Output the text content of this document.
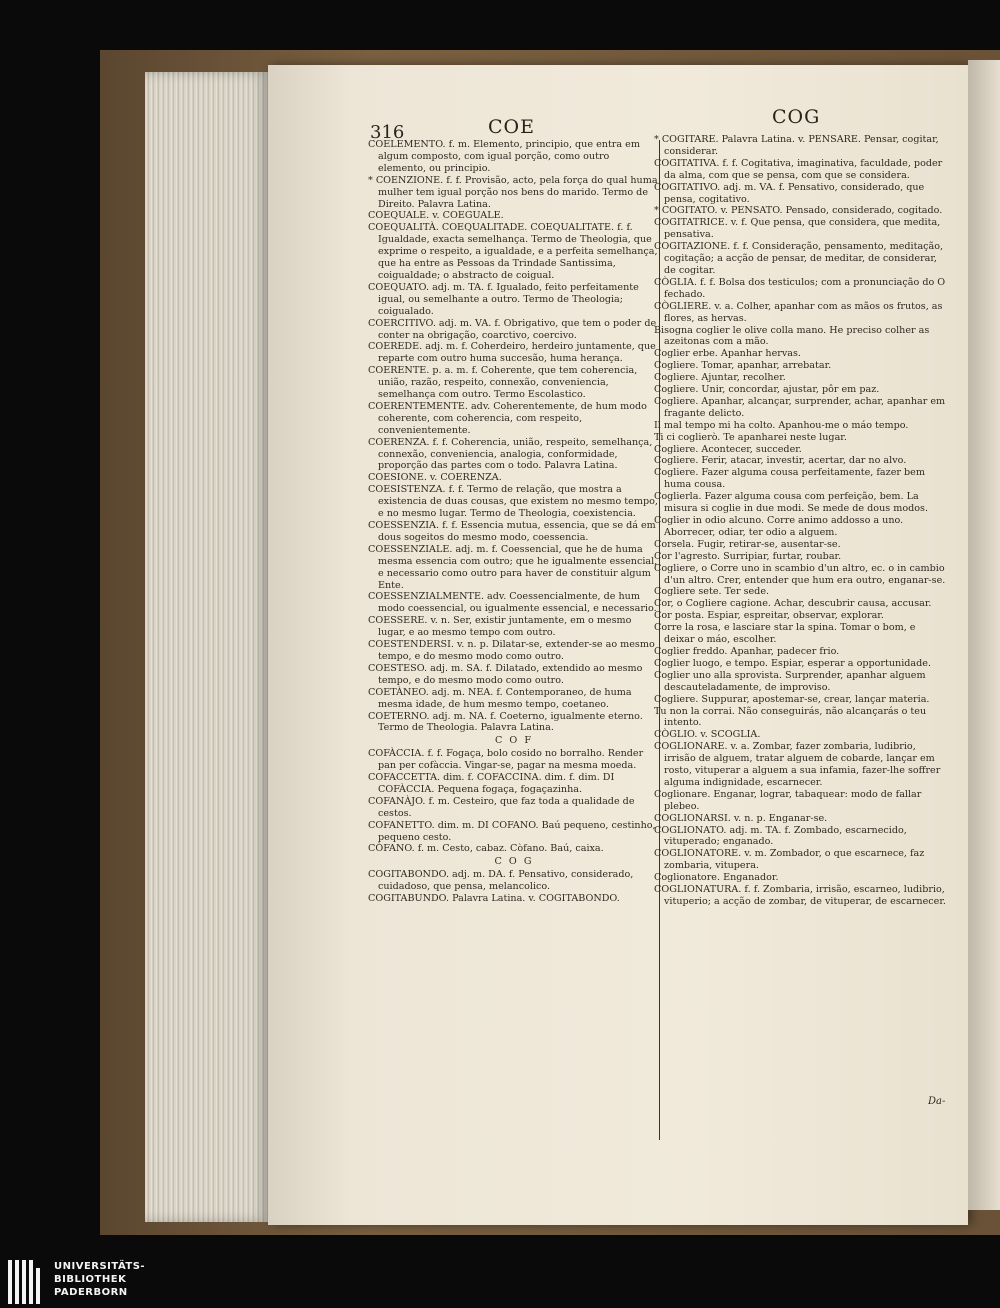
316	COE	COG

COELEMENTO. f. m. Elemento, principio, que entra em algum composto, com igual porção, como outro elemento, ou principio.

* COENZIONE. f. f. Provisão, acto, pela força do qual huma mulher tem igual porção nos bens do marido. Termo de Direito. Palavra Latina.

COEQUALE. v. COEGUALE.

COEQUALITÀ. COEQUALITADE. COEQUALITATE. f. f. Igualdade, exacta semelhança. Termo de Theologia, que exprime o respeito, a igualdade, e a perfeita semelhança, que ha entre as Pessoas da Trindade Santissima, coigualdade; o abstracto de coigual.

COEQUATO. adj. m. TA. f. Igualado, feito perfeitamente igual, ou semelhante a outro. Termo de Theologia; coigualado.

COERCITIVO. adj. m. VA. f. Obrigativo, que tem o poder de conter na obrigação, coarctivo, coercivo.

COEREDE. adj. m. f. Coherdeiro, herdeiro juntamente, que reparte com outro huma succesão, huma herança.

COERENTE. p. a. m. f. Coherente, que tem coherencia, união, razão, respeito, connexão, conveniencia, semelhança com outro. Termo Escolastico.

COERENTEMENTE. adv. Coherentemente, de hum modo coherente, com coherencia, com respeito, convenientemente.

COERENZA. f. f. Coherencia, união, respeito, semelhança, connexão, conveniencia, analogia, conformidade, proporção das partes com o todo. Palavra Latina.

COESIONE. v. COERENZA.

COESISTENZA. f. f. Termo de relação, que mostra a existencia de duas cousas, que existem no mesmo tempo, e no mesmo lugar. Termo de Theologia, coexistencia.

COESSENZIA. f. f. Essencia mutua, essencia, que se dá em dous sogeitos do mesmo modo, coessencia.

COESSENZIALE. adj. m. f. Coessencial, que he de huma mesma essencia com outro; que he igualmente essencial, e necessario como outro para haver de constituir algum Ente.

COESSENZIALMENTE. adv. Coessencialmente, de hum modo coessencial, ou igualmente essencial, e necessario.

COESSERE. v. n. Ser, existir juntamente, em o mesmo lugar, e ao mesmo tempo com outro.

COESTENDERSI. v. n. p. Dilatar-se, extender-se ao mesmo tempo, e do mesmo modo como outro.

COESTESO. adj. m. SA. f. Dilatado, extendido ao mesmo tempo, e do mesmo modo como outro.

COETÀNEO. adj. m. NEA. f. Contemporaneo, de huma mesma idade, de hum mesmo tempo, coetaneo.

COETERNO. adj. m. NA. f. Coeterno, igualmente eterno. Termo de Theologia. Palavra Latina.

C O F

COFÀCCIA. f. f. Fogaça, bolo cosido no borralho. Render pan per cofàccia. Vingar-se, pagar na mesma moeda.

COFACCETTA. dim. f. COFACCINA. dim. f. dim. DI COFÀCCIA. Pequena fogaça, fogaçazinha.

COFANÀJO. f. m. Cesteiro, que faz toda a qualidade de cestos.

COFANETTO. dim. m. DI COFANO. Baú pequeno, cestinho, pequeno cesto.

CÒFANO. f. m. Cesto, cabaz. Còfano. Baú, caixa.

C O G

COGITABONDO. adj. m. DA. f. Pensativo, considerado, cuidadoso, que pensa, melancolico.

COGITABUNDO. Palavra Latina. v. COGITABONDO.

* COGITARE. Palavra Latina. v. PENSARE. Pensar, cogitar, considerar.

COGITATIVA. f. f. Cogitativa, imaginativa, faculdade, poder da alma, com que se pensa, com que se considera.

COGITATIVO. adj. m. VA. f. Pensativo, considerado, que pensa, cogitativo.

* COGITATO. v. PENSATO. Pensado, considerado, cogitado.

COGITATRICE. v. f. Que pensa, que considera, que medita, pensativa.

COGITAZIONE. f. f. Consideração, pensamento, meditação, cogitação; a acção de pensar, de meditar, de considerar, de cogitar.

CÒGLIA. f. f. Bolsa dos testiculos; com a pronunciação do O fechado.

CÒGLIERE. v. a. Colher, apanhar com as mãos os frutos, as flores, as hervas.

Bisogna coglier le olive colla mano. He preciso colher as azeitonas com a mão.

Coglier erbe. Apanhar hervas.

Cogliere. Tomar, apanhar, arrebatar.

Cogliere. Ajuntar, recolher.

Cogliere. Unir, concordar, ajustar, pôr em paz.

Cogliere. Apanhar, alcançar, surprender, achar, apanhar em fragante delicto.

Il mal tempo mi ha colto. Apanhou-me o máo tempo.

Ti ci coglierò. Te apanharei neste lugar.

Cogliere. Acontecer, succeder.

Cogliere. Ferir, atacar, investir, acertar, dar no alvo.

Cogliere. Fazer alguma cousa perfeitamente, fazer bem huma cousa.

Coglierla. Fazer alguma cousa com perfeição, bem. La misura si coglie in due modi. Se mede de dous modos.

Coglier in odio alcuno. Corre animo addosso a uno. Aborrecer, odiar, ter odio a alguem.

Corsela. Fugir, retirar-se, ausentar-se.

Cor l'agresto. Surripiar, furtar, roubar.

Cogliere, o Corre uno in scambio d'un altro, ec. o in cambio d'un altro. Crer, entender que hum era outro, enganar-se.

Cogliere sete. Ter sede.

Cor, o Cogliere cagione. Achar, descubrir causa, accusar.

Cor posta. Espiar, espreitar, observar, explorar.

Corre la rosa, e lasciare star la spina. Tomar o bom, e deixar o máo, escolher.

Coglier freddo. Apanhar, padecer frio.

Coglier luogo, e tempo. Espiar, esperar a opportunidade.

Coglier uno alla sprovista. Surprender, apanhar alguem descauteladamente, de improviso.

Cogliere. Suppurar, apostemar-se, crear, lançar materia.

Tu non la corrai. Não conseguirás, não alcançarás o teu intento.

CÒGLIO. v. SCOGLIA.

COGLIONARE. v. a. Zombar, fazer zombaria, ludibrio, irrisão de alguem, tratar alguem de cobarde, lançar em rosto, vituperar a alguem a sua infamia, fazer-lhe soffrer alguma indignidade, escarnecer.

Coglionare. Enganar, lograr, tabaquear: modo de fallar plebeo.

COGLIONARSI. v. n. p. Enganar-se.

COGLIONATO. adj. m. TA. f. Zombado, escarnecido, vituperado; enganado.

COGLIONATORE. v. m. Zombador, o que escarnece, faz zombaria, vitupera.

Coglionatore. Enganador.

COGLIONATURA. f. f. Zombaria, irrisão, escarneo, ludibrio, vituperio; a acção de zombar, de vituperar, de escarnecer.

Da-
UNIVERSITÄTS-
BIBLIOTHEK
PADERBORN
